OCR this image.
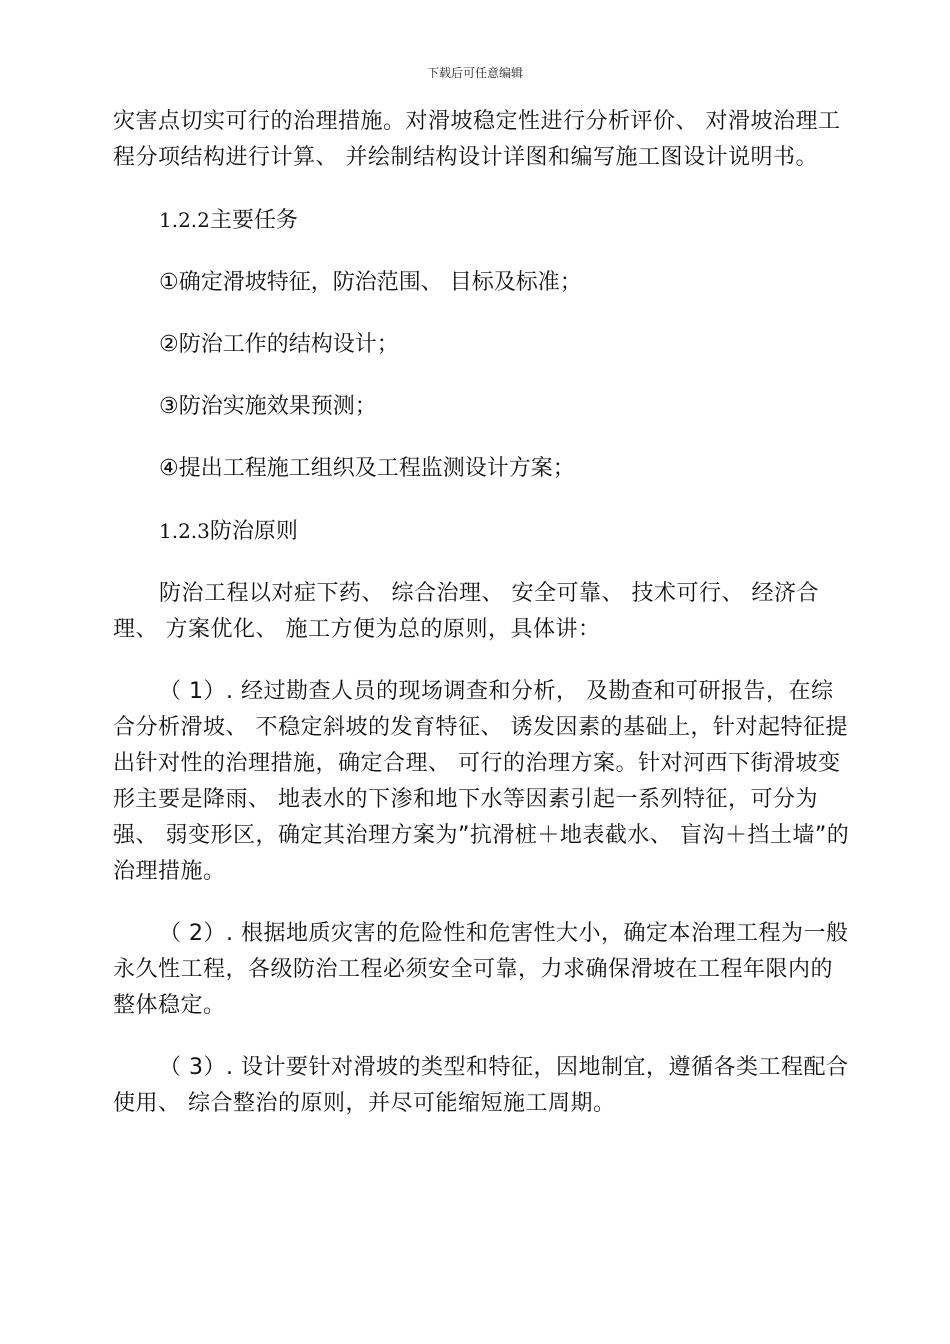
下载后可任意编辑

灾害点切实可行的治理措施。对滑坡稳定性进行分析评价、 对滑坡治理工程分项结构进行计算、 并绘制结构设计详图和编写施工图设计说明书。

1.2.2主要任务

①确定滑坡特征，防治范围、 目标及标准；

②防治工作的结构设计；

③防治实施效果预测；

④提出工程施工组织及工程监测设计方案；

1.2.3防治原则

防治工程以对症下药、 综合治理、 安全可靠、 技术可行、 经济合理、 方案优化、 施工方便为总的原则，具体讲：

（ 1）. 经过勘查人员的现场调查和分析， 及勘查和可研报告，在综合分析滑坡、 不稳定斜坡的发育特征、 诱发因素的基础上，针对起特征提出针对性的治理措施，确定合理、 可行的治理方案。针对河西下街滑坡变形主要是降雨、 地表水的下渗和地下水等因素引起一系列特征，可分为强、 弱变形区，确定其治理方案为”抗滑桩＋地表截水、 盲沟＋挡土墙”的治理措施。

（ 2）. 根据地质灾害的危险性和危害性大小，确定本治理工程为一般永久性工程，各级防治工程必须安全可靠，力求确保滑坡在工程年限内的整体稳定。

（ 3）. 设计要针对滑坡的类型和特征，因地制宜，遵循各类工程配合使用、 综合整治的原则，并尽可能缩短施工周期。
